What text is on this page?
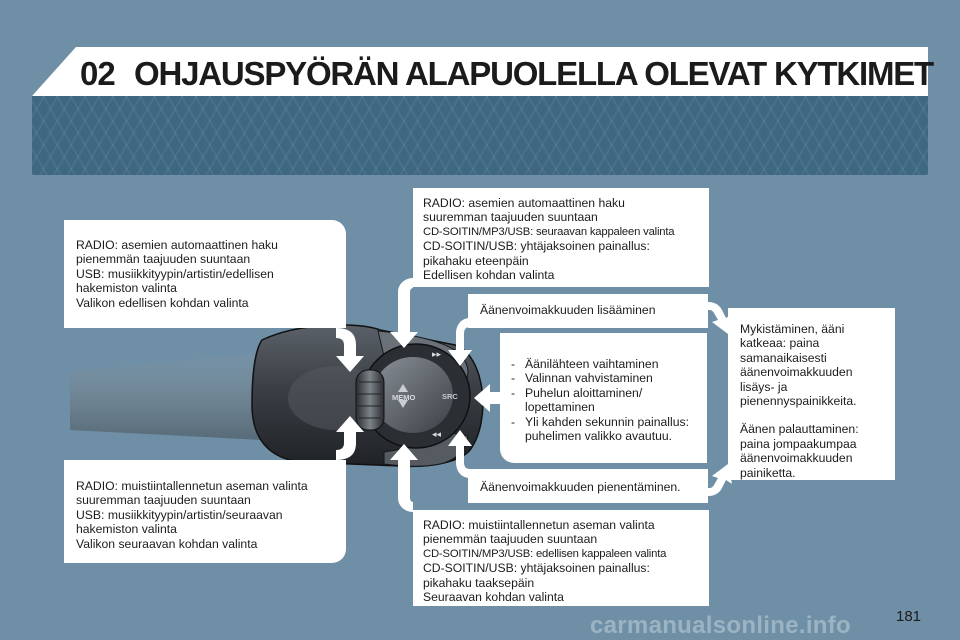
02 OHJAUSPYÖRÄN ALAPUOLELLA OLEVAT KYTKIMET
MEMO	SRC
▸▸
◂◂
RADIO: asemien automaattinen haku
pienemmän taajuuden suuntaan
USB: musiikkityypin/artistin/edellisen
hakemiston valinta
Valikon edellisen kohdan valinta
RADIO: muistiintallennetun aseman valinta
suuremman taajuuden suuntaan
USB: musiikkityypin/artistin/seuraavan
hakemiston valinta
Valikon seuraavan kohdan valinta
RADIO: asemien automaattinen haku
suuremman taajuuden suuntaan
CD-SOITIN/MP3/USB: seuraavan kappaleen valinta
CD-SOITIN/USB: yhtäjaksoinen painallus:
pikahaku eteenpäin
Edellisen kohdan valinta
RADIO: muistiintallennetun aseman valinta
pienemmän taajuuden suuntaan
CD-SOITIN/MP3/USB: edellisen kappaleen valinta
CD-SOITIN/USB: yhtäjaksoinen painallus:
pikahaku taaksepäin
Seuraavan kohdan valinta
Äänenvoimakkuuden lisääminen
Äänenvoimakkuuden pienentäminen.
- Äänilähteen vaihtaminen
- Valinnan vahvistaminen
- Puhelun aloittaminen/
lopettaminen
- Yli kahden sekunnin painallus:
puhelimen valikko avautuu.
Mykistäminen, ääni
katkeaa: paina
samanaikaisesti
äänenvoimakkuuden
lisäys- ja
pienennyspainikkeita.
Äänen palauttaminen:
paina jompaakumpaa
äänenvoimakkuuden
painiketta.
carmanualsonline.info	181
